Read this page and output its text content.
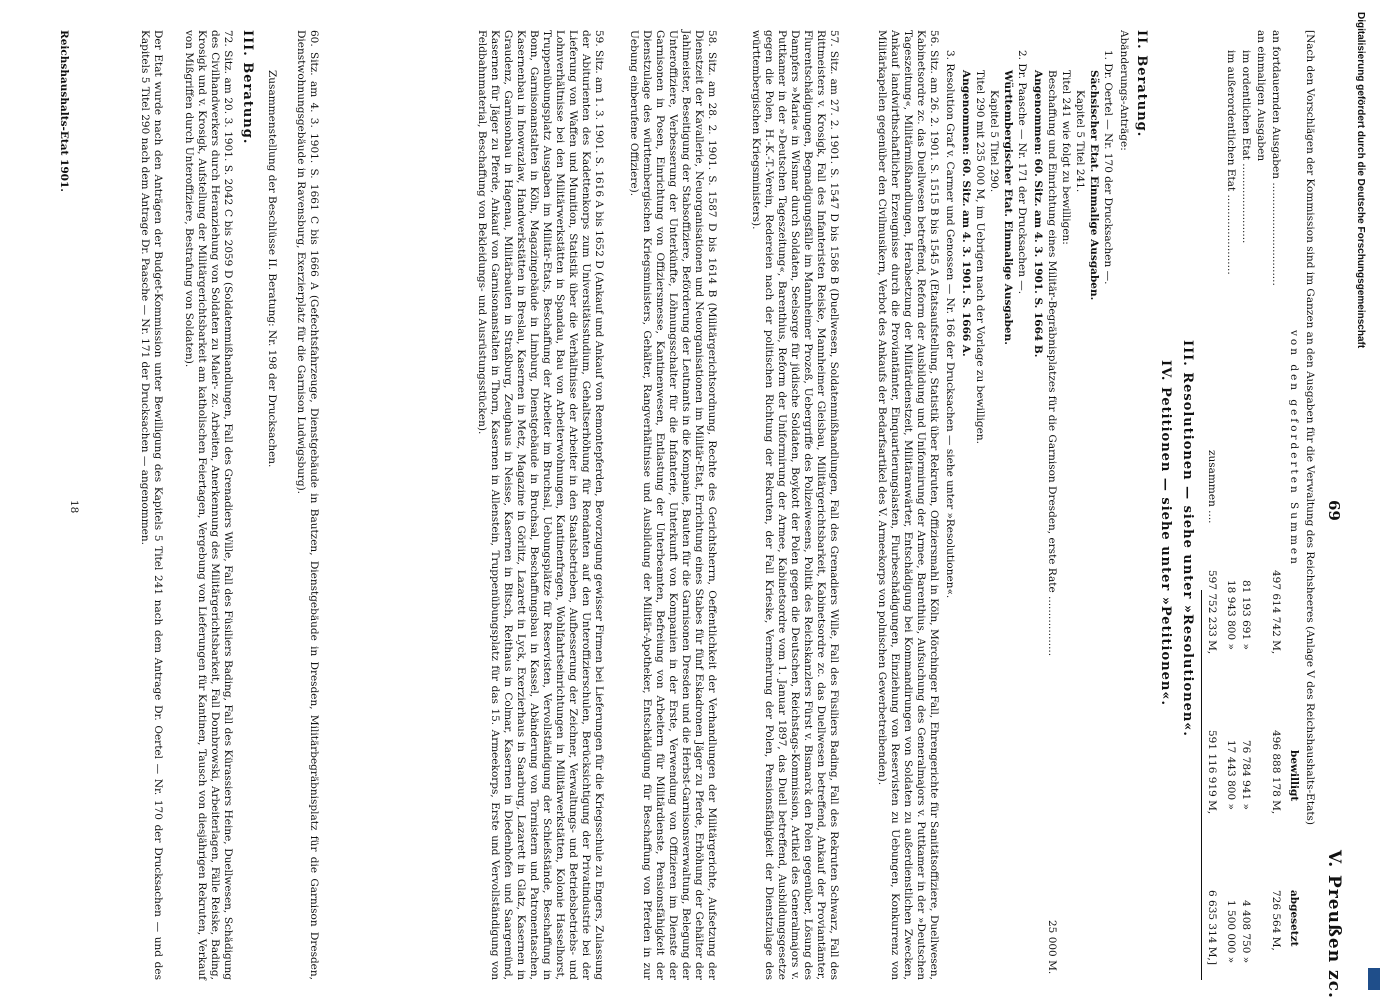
69
V. Preußen zc.
[Nach den Vorschlägen der Kommission sind im Ganzen an den Ausgaben für die Verwaltung des Reichsheeres (Anlage V des Reichshaushalts-Etats)
von den geforderten Summen
bewilligt
abgesetzt
an fortdauernden Ausgaben ...............................
497 614 742 M,
496 888 178 M,
726 564 M,
an einmaligen Ausgaben
im ordentlichen Etat ........................
81 193 691 »
76 784 941 »
4 408 750 »
im außerordentlichen Etat ........................
18 943 800 »
17 443 800 »
1 500 000 »
zusammen ....
597 752 233 M,
591 116 919 M,
6 635 314 M,]
III. Resolutionen — siehe unter »Resolutionen«.
IV. Petitionen — siehe unter »Petitionen«.
II. Beratung.
Abänderungs-Anträge:
1. Dr. Oertel — Nr. 170 der Drucksachen —.
Sächsischer Etat. Einmalige Ausgaben.
Kapitel 5 Titel 241.
Titel 241 wie folgt zu bewilligen:
Beschaffung und Einrichtung eines Militär-Begräbnisplatzes für die Garnison Dresden, erste Rate ..................
25 000 M.
Angenommen: 60. Sitz. am 4. 3. 1901. S. 1664 B.
2. Dr. Paasche — Nr. 171 der Drucksachen —.
Württembergischer Etat. Einmalige Ausgaben.
Kapitel 5 Titel 290.
Titel 290 mit 235 000 M, im Uebrigen nach der Vorlage zu bewilligen.
Angenommen: 60. Sitz. am 4. 3. 1901. S. 1666 A.
3. Resolution Graf v. Carmer und Genossen — Nr. 166 der Drucksachen — siehe unter »Resolutionen«.
56. Sitz. am 26. 2. 1901. S. 1515 B bis 1545 A (Etatsaufstellung, Statistik über Rekruten, Offiziersmahl in Köln, Mörchinger Fall, Ehrengerichte für Sanitätsoffiziere, Duellwesen, Kabinetsordre zc. das Duellwesen betreffend, Reform der Ausbildung und Uniformirung der Armee, Barenthius, Aufsuchung des Generalmajors v. Puttkamer in der »Deutschen Tageszeitung«, Militärmißhandlungen, Herabsetzung der Militärdienstzeit, Militäranwärter, Entschädigung bei Kommandirungen von Soldaten zu außerdienstlichen Zwecken, Ankauf landwirthschaftlicher Erzeugnisse durch die Proviantämter, Einquartierungslasten, Flurbeschädigungen, Einziehung von Reservisten zu Uebungen, Konkurrenz von Militärkapellen gegenüber den Civilmusikern, Verbot des Ankaufs der Bedarfsartikel des V. Armeekorps von polnischen Gewerbetreibenden).
57. Sitz. am 27. 2. 1901. S. 1547 D bis 1586 B (Duellwesen, Soldatenmißhandlungen, Fall des Grenadiers Wille, Fall des Füsiliers Bading, Fall des Rekruten Schwarz, Fall des Rittmeisters v. Krosigk, Fall des Infanteristen Reiske, Mannheimer Gleisbau, Militärgerichtsbarkeit, Kabinetsordre zc. das Duellwesen betreffend, Ankauf der Proviantämter, Flurentschädigungen, Begnadigungsfälle im Mannheimer Prozeß, Uebergriffe des Polizeiwesens, Politik des Reichskanzlers Fürst v. Bismarck den Polen gegenüber, Lösung des Dampfers »Maria« in Wismar durch Soldaten, Seelsorge für jüdische Soldaten, Boykott der Polen gegen die Deutschen, Reichstags-Kommission, Artikel des Generalmajors v. Puttkamer in der »Deutschen Tageszeitung«, Barenthius, Reform der Uniformirung der Armee, Kabinetsordre vom 1. Januar 1897, das Duell betreffend, Ausbildungsgesetze gegen die Polen, H.-K.-T.-Verein, Redereien nach der politischen Richtung der Rekruten, der Fall Krieske, Vermehrung der Polen, Pensionsfähigkeit der Dienstzulage des württembergischen Kriegsministers).
58. Sitz. am 28. 2. 1901. S. 1587 D bis 1614 B (Militärgerichtsordnung, Rechte des Gerichtsherrn, Oeffentlichkeit der Verhandlungen der Militärgerichte, Aufsetzung der Dienstzeit der Kavallerie, Neuorganisationen und Neuorganisationen im Militär-Etat, Errichtung eines Stabes für fünf Eskadronen Jäger zu Pferde, Erhöhung der Gehälter der Jahlmeister, Beseitigung der Stabsoffiziere, Beförderung der Leutnants in die Kompanie, Bauten für die Garnisonen Dresden und die Herbst-Garnisonsverwaltung, Belegung der Unteroffiziere, Verbesserung der Unterkünfte, Löhnungsschalter für die Infanterie, Unterkunft von Kompanien in der Erste, Verwendung von Offizieren im Dienste der Garnisonen in Posen, Einrichtung von Offiziersmesse, Kantinenwesen, Entlastung der Unterbeamten, Befreiung von Arbeitern für Militärdienste, Pensionsfähigkeit der Dienstzulage des württembergischen Kriegsministers, Gehälter, Rangverhältnisse und Ausbildung der Militär-Apotheker, Entschädigung für Beschaffung von Pferden in zur Uebung einberufene Offiziere).
59. Sitz. am 1. 3. 1901. S. 1616 A bis 1652 D (Ankauf und Ankauf von Remontepferden, Bevorzugung gewisser Firmen bei Lieferungen für die Kriegsschule zu Engers, Zulassung der Abiturienten des Kadettenkorps zum Universitätsstudium, Gehaltserhöhung für Rendanten auf den Unteroffizierschulen, Berücksichtigung der Privatindustrie bei der Lieferung von Waffen und Munition, Statistik über die Verhältnisse der Arbeiter in den Staatsbetrieben, Aufbesserung der Zeichner, Verwaltungs- und Betriebsbetriebs- und Lohnverhältnisse bei den Militärwerkstätten in Spandau, Bau von Arbeiterwohnungen, Kantinenfragen, Wohlfahrtseinrichtungen in Militärwerkstätten, Kolonie Hasselhorst, Truppenübungsplatz Ausgaben im Militär-Etats, Beschaffung der Arbeiter im Bruchsal, Uebungsplätze für Reservisten, Vervollständigung der Schießstände, Beschaffung in Bonn, Garnisonanstalten in Köln, Magazingebäude in Limburg, Dienstgebäude in Bruchsal, Beschaffungsbau in Kassel, Abänderung von Tornistern und Patronentaschen, Kasernenbau in Inowrazlaw, Handwerkstätten in Breslau, Kasernen in Metz, Magazine in Görlitz, Lazarett in Lyck, Exerzierhaus in Saarburg, Lazarett in Glatz, Kasernen in Graudenz, Garnisonbau in Hagenau, Militärbauten in Straßburg, Zeughaus in Neisse, Kasernen in Bitsch, Reithaus in Colmar, Kasernen in Diedenhofen und Saargemünd, Kasernen für Jäger zu Pferde, Ankauf von Garnisonanstalten in Thorn, Kasernen in Allenstein, Truppenübungsplatz für das 15. Armeekorps, Erste und Vervollständigung von Feldbahnmaterial, Beschaffung von Bekleidungs- und Ausrüstungsstücken).
60. Sitz. am 4. 3. 1901. S. 1661 C bis 1666 A (Gefechtsfahrzeuge, Dienstgebäude in Bautzen, Dienstgebäude in Dresden, Militärbegräbnisplatz für die Garnison Dresden, Dienstwohnungsgebäude in Ravensburg, Exerzierplatz für die Garnison Ludwigsburg).
Zusammenstellung der Beschlüsse II. Beratung: Nr. 198 der Drucksachen.
III. Beratung.
72. Sitz. am 20. 3. 1901. S. 2042 C bis 2059 D (Soldatenmißhandlungen, Fall des Grenadiers Wille, Fall des Füsiliers Bading, Fall des Kürassiers Heine, Duellwesen, Schädigung des Civilhandwerkers durch Heranziehung von Soldaten zu Maler- zc. Arbeiten, Anerkennung des Militärgerichtsbarkeit, Fall Dombrowski, Arbeiterlagen, Fälle Reiske, Bading, Krosigk und v. Krosigk, Aufstellung der Militärgerichtsbarkeit am katholischen Feiertagen, Vergebung von Lieferungen für Kantinen, Tausch von diesjährigen Rekruten, Verkauf von Mißgriffen durch Unteroffiziere, Bestrafung von Soldaten).
Der Etat wurde nach den Anträgen der Budget-Kommission unter Bewilligung des Kapitels 5 Titel 241 nach dem Antrage Dr. Oertel — Nr. 170 der Drucksachen — und des Kapitels 5 Titel 290 nach dem Antrage Dr. Paasche — Nr. 171 der Drucksachen — angenommen.
Reichshaushalts-Etat 1901.
18
Digitalisierung gefördert durch die Deutsche Forschungsgemeinschaft
